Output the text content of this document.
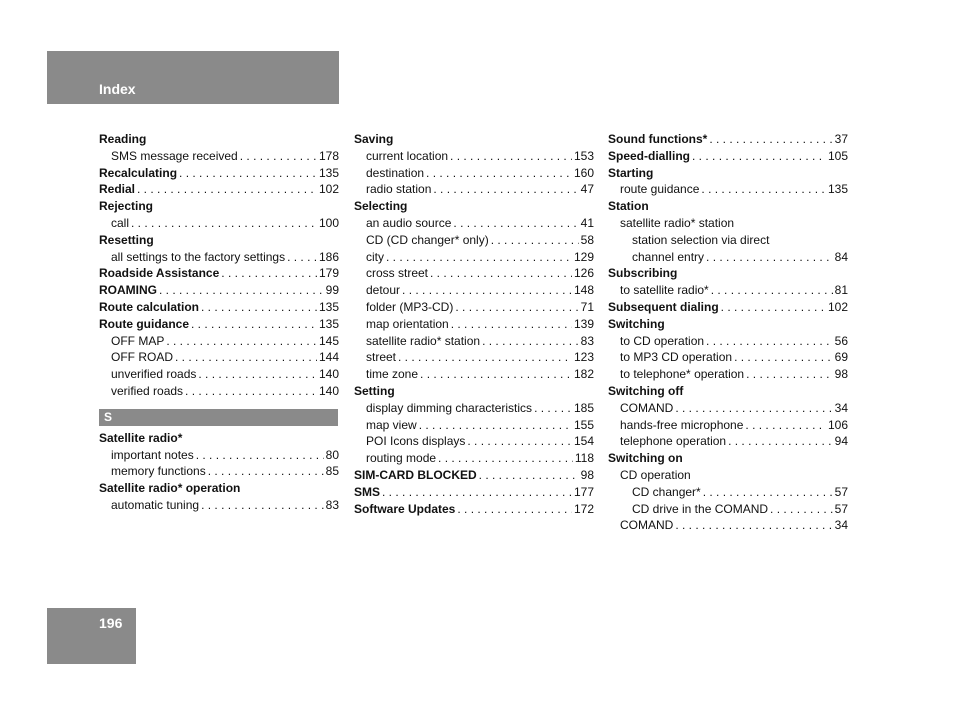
Index
Reading
SMS message received . . .	178
Recalculating . . .	135
Redial . . .	102
Rejecting
call . . .	100
Resetting
all settings to the factory settings . . .	186
Roadside Assistance . . .	179
ROAMING . . .	99
Route calculation . . .	135
Route guidance . . .	135
OFF MAP . . .	145
OFF ROAD . . .	144
unverified roads . . .	140
verified roads . . .	140
S
Satellite radio*
important notes . . .	80
memory functions . . .	85
Satellite radio* operation
automatic tuning . . .	83
Saving
current location . . .	153
destination . . .	160
radio station . . .	47
Selecting
an audio source . . .	41
CD (CD changer* only) . . .	58
city . . .	129
cross street . . .	126
detour . . .	148
folder (MP3-CD) . . .	71
map orientation . . .	139
satellite radio* station . . .	83
street . . .	123
time zone . . .	182
Setting
display dimming characteristics . . .	185
map view . . .	155
POI Icons displays . . .	154
routing mode . . .	118
SIM-CARD BLOCKED . . .	98
SMS . . .	177
Software Updates . . .	172
Sound functions* . . .	37
Speed-dialling . . .	105
Starting
route guidance . . .	135
Station
satellite radio* station
station selection via direct
channel entry . . .	84
Subscribing
to satellite radio* . . .	81
Subsequent dialing . . .	102
Switching
to CD operation . . .	56
to MP3 CD operation . . .	69
to telephone* operation . . .	98
Switching off
COMAND . . .	34
hands-free microphone . . .	106
telephone operation . . .	94
Switching on
CD operation
CD changer* . . .	57
CD drive in the COMAND . . .	57
COMAND . . .	34
196
